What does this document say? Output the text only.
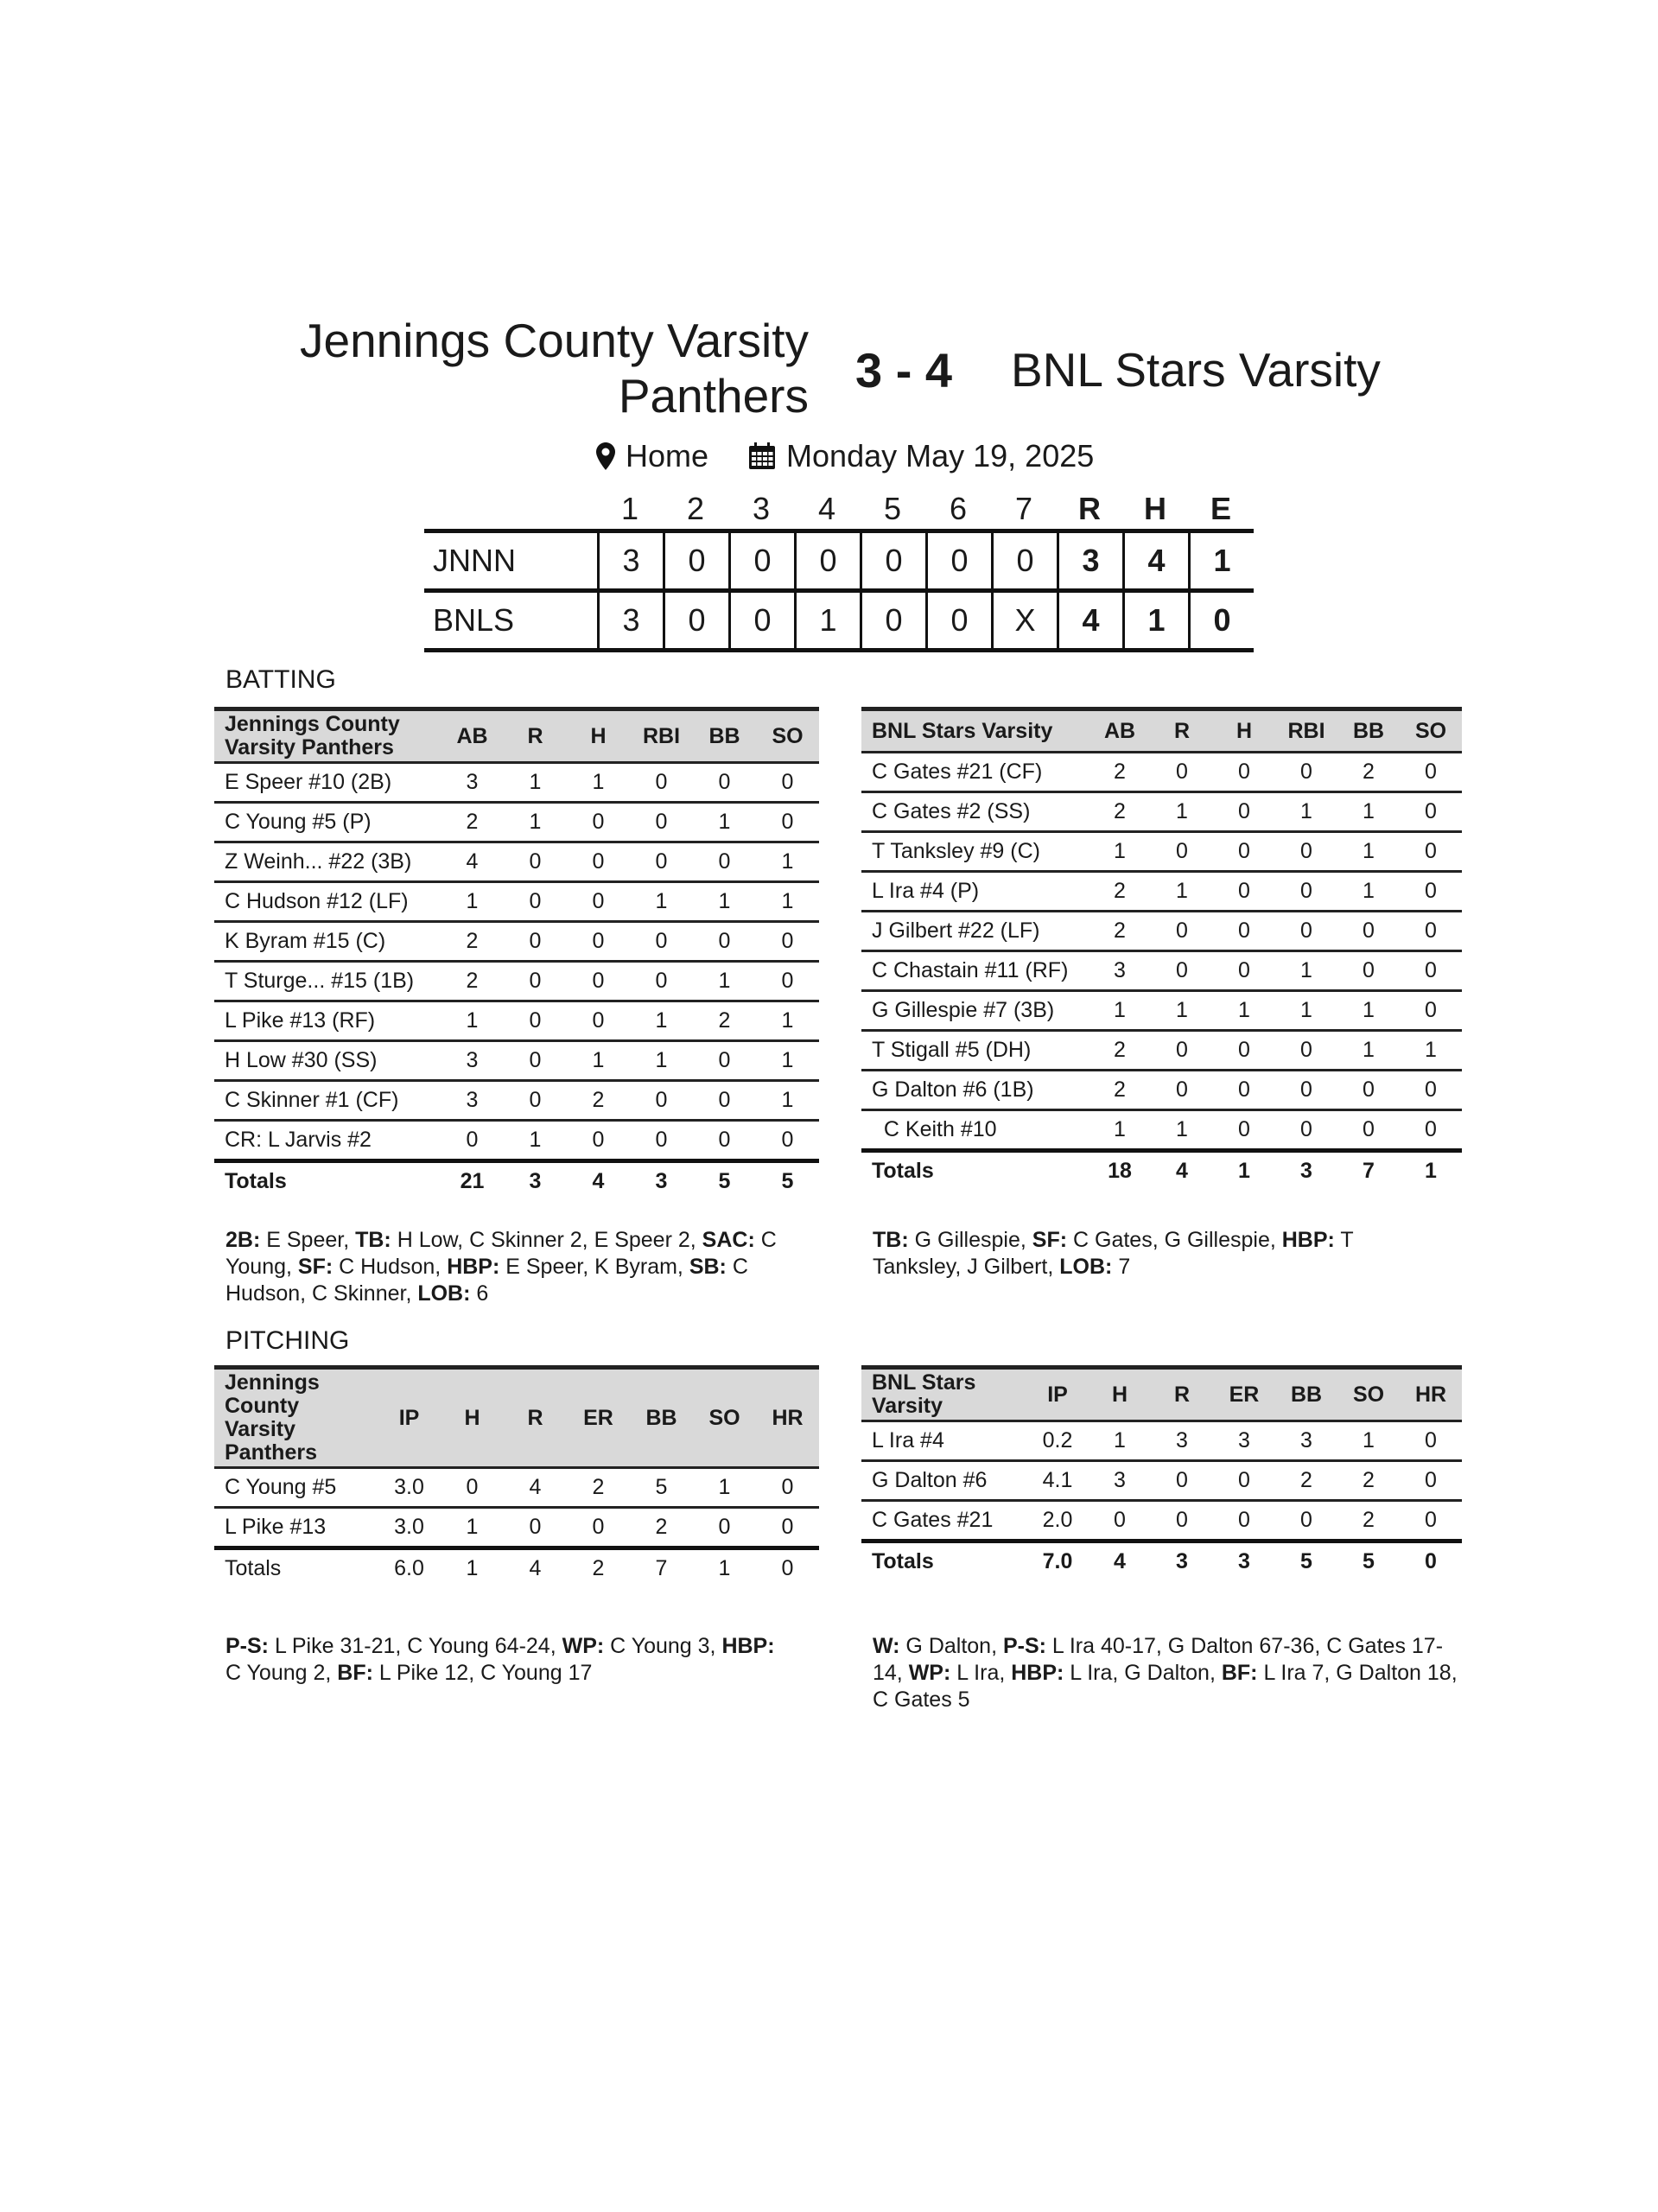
Jennings County Varsity Panthers 3 - 4 BNL Stars Varsity
Home	Monday May 19, 2025
1	2	3	4	5	6	7	R	H	E
JNNN	3	0	0	0	0	0	0	3	4	1
BNLS	3	0	0	1	0	0	X	4	1	0
BATTING
Jennings County Varsity Panthers	AB	R	H	RBI	BB	SO
E Speer #10 (2B)	3	1	1	0	0	0
C Young #5 (P)	2	1	0	0	1	0
Z Weinh... #22 (3B)	4	0	0	0	0	1
C Hudson #12 (LF)	1	0	0	1	1	1
K Byram #15 (C)	2	0	0	0	0	0
T Sturge... #15 (1B)	2	0	0	0	1	0
L Pike #13 (RF)	1	0	0	1	2	1
H Low #30 (SS)	3	0	1	1	0	1
C Skinner #1 (CF)	3	0	2	0	0	1
CR: L Jarvis #2	0	1	0	0	0	0
Totals	21	3	4	3	5	5
BNL Stars Varsity	AB	R	H	RBI	BB	SO
C Gates #21 (CF)	2	0	0	0	2	0
C Gates #2 (SS)	2	1	0	1	1	0
T Tanksley #9 (C)	1	0	0	0	1	0
L Ira #4 (P)	2	1	0	0	1	0
J Gilbert #22 (LF)	2	0	0	0	0	0
C Chastain #11 (RF)	3	0	0	1	0	0
G Gillespie #7 (3B)	1	1	1	1	1	0
T Stigall #5 (DH)	2	0	0	0	1	1
G Dalton #6 (1B)	2	0	0	0	0	0
C Keith #10	1	1	0	0	0	0
Totals	18	4	1	3	7	1
2B: E Speer, TB: H Low, C Skinner 2, E Speer 2, SAC: C Young, SF: C Hudson, HBP: E Speer, K Byram, SB: C Hudson, C Skinner, LOB: 6
TB: G Gillespie, SF: C Gates, G Gillespie, HBP: T Tanksley, J Gilbert, LOB: 7
PITCHING
Jennings County Varsity Panthers
IP	H	R	ER	BB	SO	HR
C Young #5	3.0	0	4	2	5	1	0
L Pike #13	3.0	1	0	0	2	0	0
Totals	6.0	1	4	2	7	1	0
BNL Stars Varsity	IP	H	R	ER	BB	SO	HR
L Ira #4	0.2	1	3	3	3	1	0
G Dalton #6	4.1	3	0	0	2	2	0
C Gates #21	2.0	0	0	0	0	2	0
Totals	7.0	4	3	3	5	5	0
P-S: L Pike 31-21, C Young 64-24, WP: C Young 3, HBP: C Young 2, BF: L Pike 12, C Young 17
W: G Dalton, P-S: L Ira 40-17, G Dalton 67-36, C Gates 17-14, WP: L Ira, HBP: L Ira, G Dalton, BF: L Ira 7, G Dalton 18, C Gates 5
